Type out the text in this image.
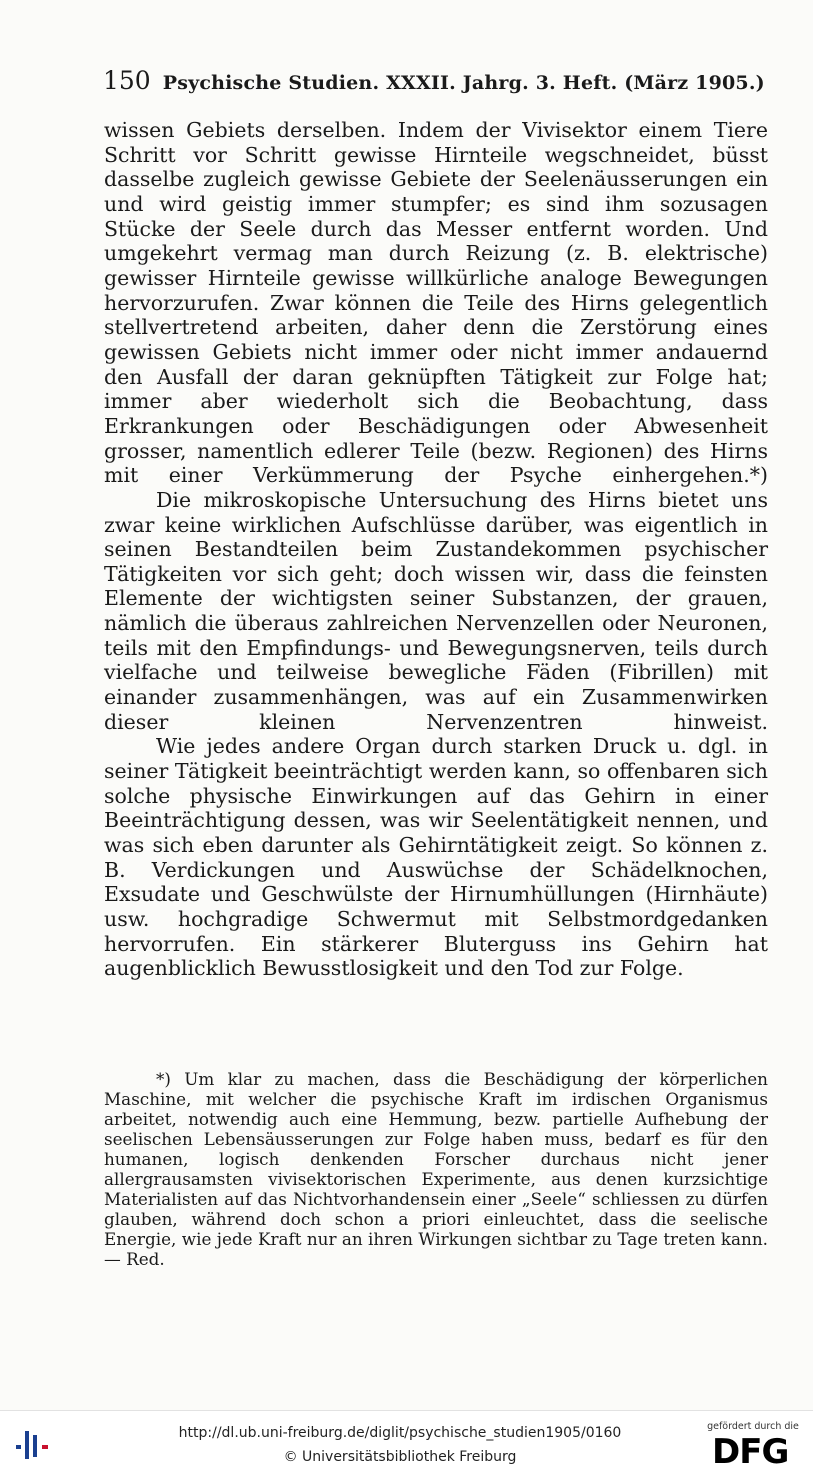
150 Psychische Studien. XXXII. Jahrg. 3. Heft. (März 1905.)

wissen Gebiets derselben. Indem der Vivisektor einem Tiere Schritt vor Schritt gewisse Hirnteile wegschneidet, büsst dasselbe zugleich gewisse Gebiete der Seelenäusserungen ein und wird geistig immer stumpfer; es sind ihm sozusagen Stücke der Seele durch das Messer entfernt worden. Und umgekehrt vermag man durch Reizung (z. B. elektrische) gewisser Hirnteile gewisse willkürliche analoge Bewegungen hervorzurufen. Zwar können die Teile des Hirns gelegentlich stellvertretend arbeiten, daher denn die Zerstörung eines gewissen Gebiets nicht immer oder nicht immer andauernd den Ausfall der daran geknüpften Tätigkeit zur Folge hat; immer aber wiederholt sich die Beobachtung, dass Erkrankungen oder Beschädigungen oder Abwesenheit grosser, namentlich edlerer Teile (bezw. Regionen) des Hirns mit einer Verkümmerung der Psyche einhergehen.*)

Die mikroskopische Untersuchung des Hirns bietet uns zwar keine wirklichen Aufschlüsse darüber, was eigentlich in seinen Bestandteilen beim Zustandekommen psychischer Tätigkeiten vor sich geht; doch wissen wir, dass die feinsten Elemente der wichtigsten seiner Substanzen, der grauen, nämlich die überaus zahlreichen Nervenzellen oder Neuronen, teils mit den Empfindungs- und Bewegungsnerven, teils durch vielfache und teilweise bewegliche Fäden (Fibrillen) mit einander zusammenhängen, was auf ein Zusammenwirken dieser kleinen Nervenzentren hinweist.

Wie jedes andere Organ durch starken Druck u. dgl. in seiner Tätigkeit beeinträchtigt werden kann, so offenbaren sich solche physische Einwirkungen auf das Gehirn in einer Beeinträchtigung dessen, was wir Seelentätigkeit nennen, und was sich eben darunter als Gehirntätigkeit zeigt. So können z. B. Verdickungen und Auswüchse der Schädelknochen, Exsudate und Geschwülste der Hirnumhüllungen (Hirnhäute) usw. hochgradige Schwermut mit Selbstmordgedanken hervorrufen. Ein stärkerer Bluterguss ins Gehirn hat augenblicklich Bewusstlosigkeit und den Tod zur Folge.

*) Um klar zu machen, dass die Beschädigung der körperlichen Maschine, mit welcher die psychische Kraft im irdischen Organismus arbeitet, notwendig auch eine Hemmung, bezw. partielle Aufhebung der seelischen Lebensäusserungen zur Folge haben muss, bedarf es für den humanen, logisch denkenden Forscher durchaus nicht jener allergrausamsten vivisektorischen Experimente, aus denen kurzsichtige Materialisten auf das Nichtvorhandensein einer „Seele“ schliessen zu dürfen glauben, während doch schon a priori einleuchtet, dass die seelische Energie, wie jede Kraft nur an ihren Wirkungen sichtbar zu Tage treten kann. — Red.

http://dl.ub.uni-freiburg.de/diglit/psychische_studien1905/0160
© Universitätsbibliothek Freiburg
gefördert durch die
DFG
